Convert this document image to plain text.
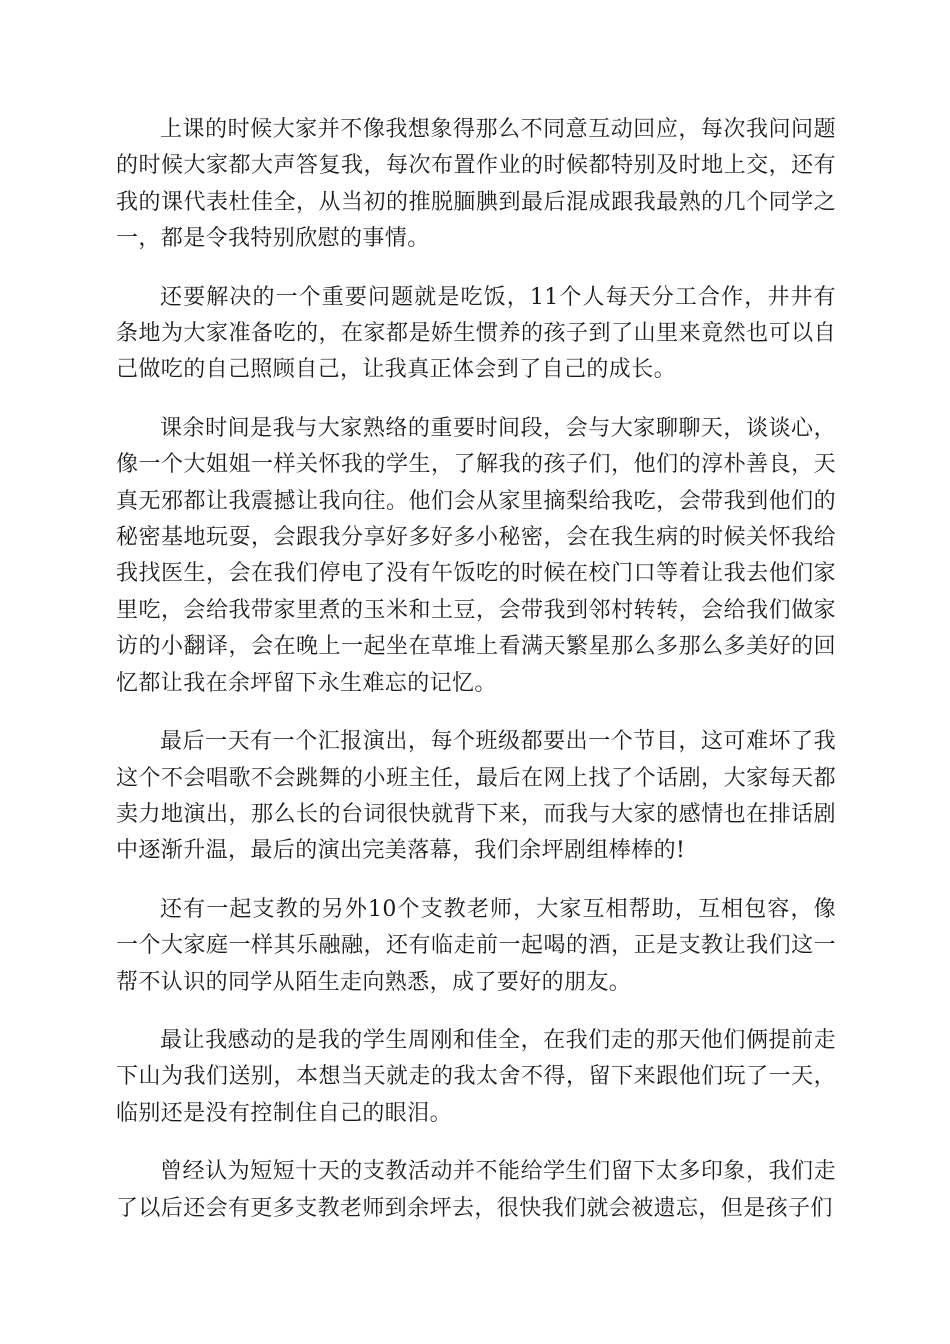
上课的时候大家并不像我想象得那么不同意互动回应，每次我问问题的时候大家都大声答复我，每次布置作业的时候都特别及时地上交，还有我的课代表杜佳全，从当初的推脱腼腆到最后混成跟我最熟的几个同学之一，都是令我特别欣慰的事情。

还要解决的一个重要问题就是吃饭，11个人每天分工合作，井井有条地为大家准备吃的，在家都是娇生惯养的孩子到了山里来竟然也可以自己做吃的自己照顾自己，让我真正体会到了自己的成长。

课余时间是我与大家熟络的重要时间段，会与大家聊聊天，谈谈心，像一个大姐姐一样关怀我的学生，了解我的孩子们，他们的淳朴善良，天真无邪都让我震撼让我向往。他们会从家里摘梨给我吃，会带我到他们的秘密基地玩耍，会跟我分享好多好多小秘密，会在我生病的时候关怀我给我找医生，会在我们停电了没有午饭吃的时候在校门口等着让我去他们家里吃，会给我带家里煮的玉米和土豆，会带我到邻村转转，会给我们做家访的小翻译，会在晚上一起坐在草堆上看满天繁星那么多那么多美好的回忆都让我在余坪留下永生难忘的记忆。

最后一天有一个汇报演出，每个班级都要出一个节目，这可难坏了我这个不会唱歌不会跳舞的小班主任，最后在网上找了个话剧，大家每天都卖力地演出，那么长的台词很快就背下来，而我与大家的感情也在排话剧中逐渐升温，最后的演出完美落幕，我们余坪剧组棒棒的!

还有一起支教的另外10个支教老师，大家互相帮助，互相包容，像一个大家庭一样其乐融融，还有临走前一起喝的酒，正是支教让我们这一帮不认识的同学从陌生走向熟悉，成了要好的朋友。

最让我感动的是我的学生周刚和佳全，在我们走的那天他们俩提前走下山为我们送别，本想当天就走的我太舍不得，留下来跟他们玩了一天，临别还是没有控制住自己的眼泪。

曾经认为短短十天的支教活动并不能给学生们留下太多印象，我们走了以后还会有更多支教老师到余坪去，很快我们就会被遗忘，但是孩子们
